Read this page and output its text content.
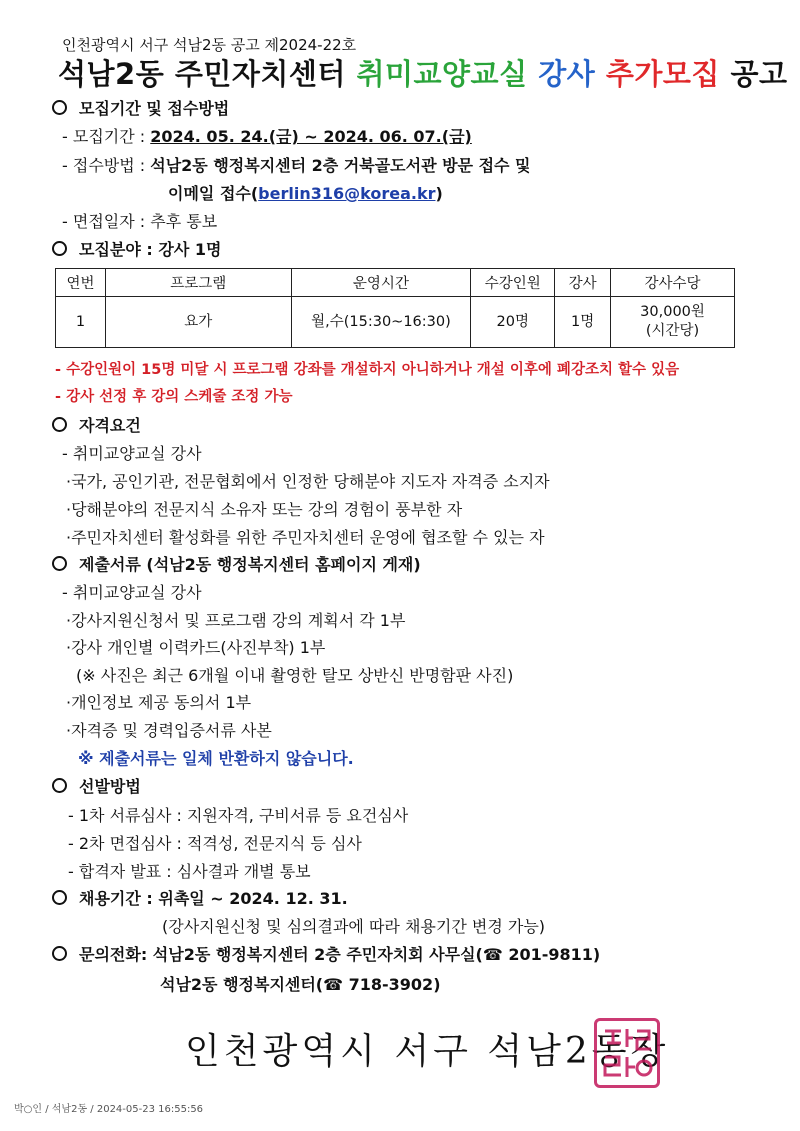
인천광역시 서구 석남2동 공고 제2024-22호
석남2동 주민자치센터 취미교양교실 강사 추가모집 공고
모집기간 및 접수방법
- 모집기간 : 2024. 05. 24.(금) ~ 2024. 06. 07.(금)
- 접수방법 : 석남2동 행정복지센터 2층 거북골도서관 방문 접수 및
이메일 접수(berlin316@korea.kr)
- 면접일자 : 추후 통보
모집분야 : 강사 1명
연번	프로그램	운영시간	수강인원	강사	강사수당
1	요가	월,수(15:30~16:30)	20명	1명	30,000원
(시간당)
- 수강인원이 15명 미달 시 프로그램 강좌를 개설하지 아니하거나 개설 이후에 폐강조치 할수 있음
- 강사 선정 후 강의 스케줄 조정 가능
자격요건
- 취미교양교실 강사
·국가, 공인기관, 전문협회에서 인정한 당해분야 지도자 자격증 소지자
·당해분야의 전문지식 소유자 또는 강의 경험이 풍부한 자
·주민자치센터 활성화를 위한 주민자치센터 운영에 협조할 수 있는 자
제출서류 (석남2동 행정복지센터 홈페이지 게재)
- 취미교양교실 강사
·강사지원신청서 및 프로그램 강의 계획서 각 1부
·강사 개인별 이력카드(사진부착) 1부
(※ 사진은 최근 6개월 이내 촬영한 탈모 상반신 반명함판 사진)
·개인정보 제공 동의서 1부
·자격증 및 경력입증서류 사본
※ 제출서류는 일체 반환하지 않습니다.
선발방법
- 1차 서류심사 : 지원자격, 구비서류 등 요건심사
- 2차 면접심사 : 적격성, 전문지식 등 심사
- 합격자 발표 : 심사결과 개별 통보
채용기간 : 위촉일 ~ 2024. 12. 31.
(강사지원신청 및 심의결과에 따라 채용기간 변경 가능)
문의전화: 석남2동 행정복지센터 2층 주민자치회 사무실(☎ 201-9811)
석남2동 행정복지센터(☎ 718-3902)
인천광역시 서구 석남2동장
박○인 / 석남2동 / 2024-05-23 16:55:56
